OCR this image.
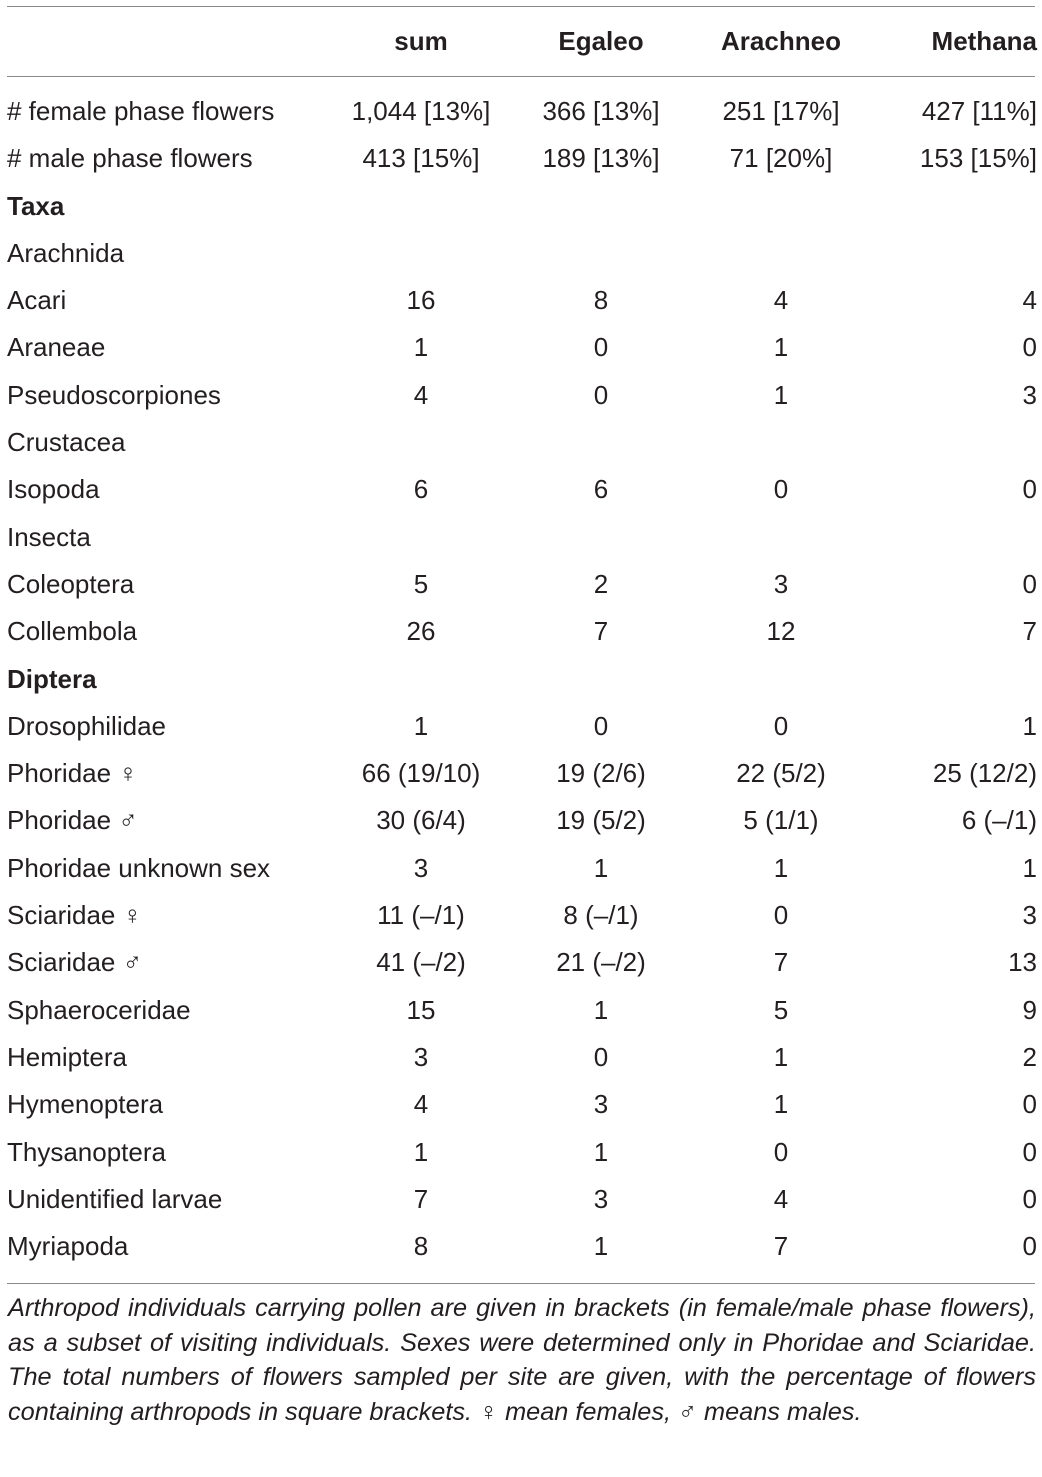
	sum	Egaleo	Arachneo	Methana

# female phase flowers	1,044 [13%]	366 [13%]	251 [17%]	427 [11%]
# male phase flowers	413 [15%]	189 [13%]	71 [20%]	153 [15%]
Taxa				
Arachnida				
Acari	16	8	4	4
Araneae	1	0	1	0
Pseudoscorpiones	4	0	1	3
Crustacea				
Isopoda	6	6	0	0
Insecta				
Coleoptera	5	2	3	0
Collembola	26	7	12	7
Diptera				
Drosophilidae	1	0	0	1
Phoridae ♀	66 (19/10)	19 (2/6)	22 (5/2)	25 (12/2)
Phoridae ♂	30 (6/4)	19 (5/2)	5 (1/1)	6 (–/1)
Phoridae unknown sex	3	1	1	1
Sciaridae ♀	11 (–/1)	8 (–/1)	0	3
Sciaridae ♂	41 (–/2)	21 (–/2)	7	13
Sphaeroceridae	15	1	5	9
Hemiptera	3	0	1	2
Hymenoptera	4	3	1	0
Thysanoptera	1	1	0	0
Unidentified larvae	7	3	4	0
Myriapoda	8	1	7	0
Arthropod individuals carrying pollen are given in brackets (in female/male phase flowers), as a subset of visiting individuals. Sexes were determined only in Phoridae and Sciaridae. The total numbers of flowers sampled per site are given, with the percentage of flowers containing arthropods in square brackets. ♀ mean females, ♂ means males.
